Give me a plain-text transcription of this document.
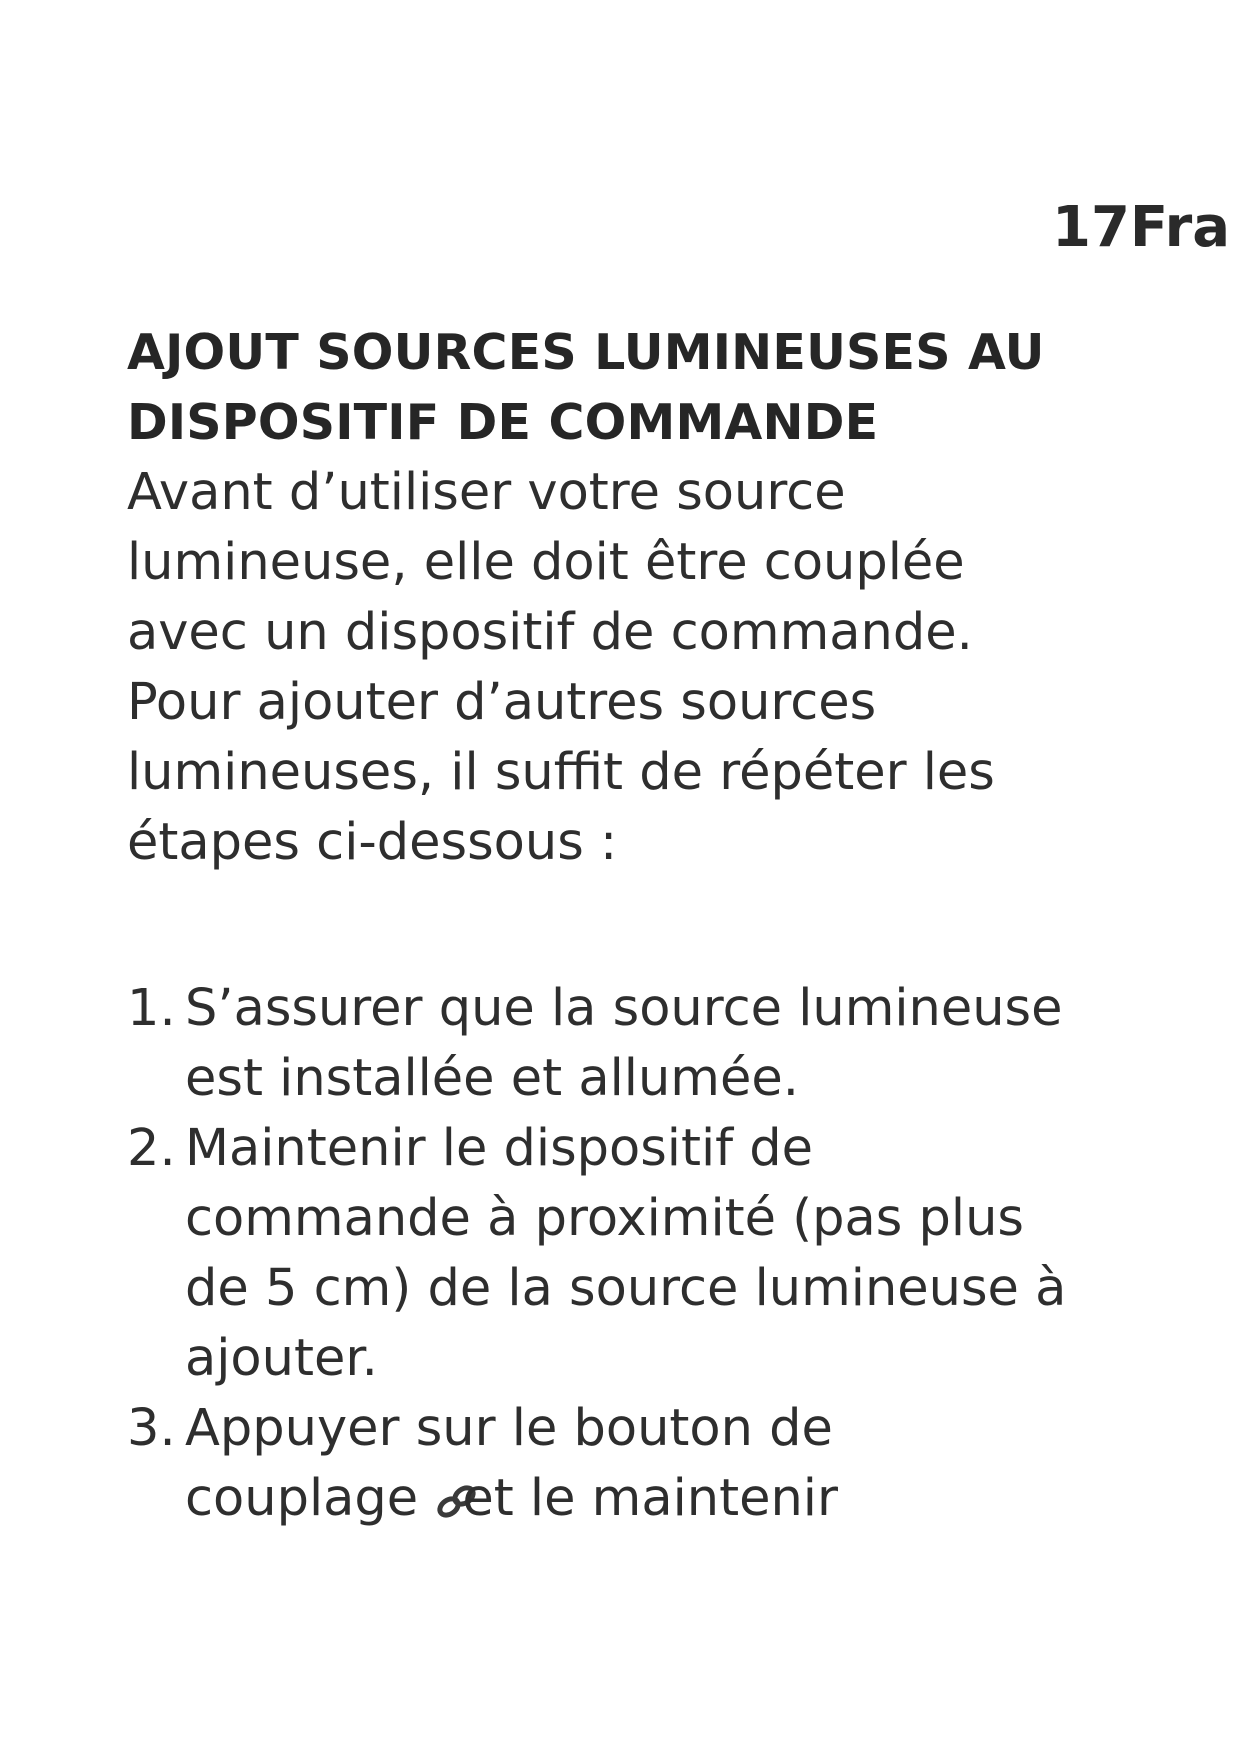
17Fra
AJOUT SOURCES LUMINEUSES AU
DISPOSITIF DE COMMANDE

Avant d’utiliser votre source
lumineuse, elle doit être couplée
avec un dispositif de commande.
Pour ajouter d’autres sources
lumineuses, il suffit de répéter les
étapes ci-dessous :

1. S’assurer que la source lumineuse
est installée et allumée.
2. Maintenir le dispositif de
commande à proximité (pas plus
de 5 cm) de la source lumineuse à
ajouter.
3. Appuyer sur le bouton de
couplage et le maintenir
